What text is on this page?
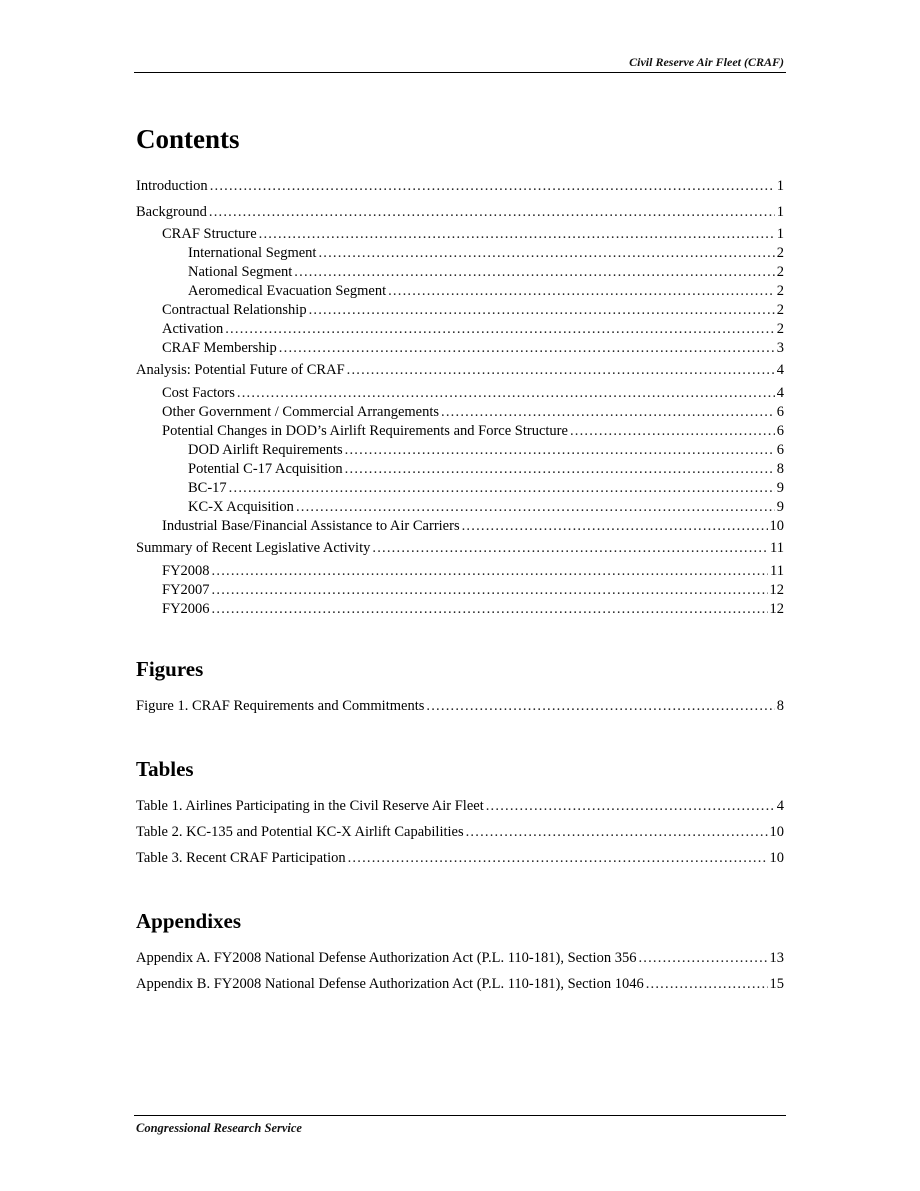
Civil Reserve Air Fleet (CRAF)
Contents
Introduction .....	1
Background .....	1
CRAF Structure .....	1
International Segment .....	2
National Segment .....	2
Aeromedical Evacuation Segment .....	2
Contractual Relationship .....	2
Activation .....	2
CRAF Membership .....	3
Analysis: Potential Future of CRAF .....	4
Cost Factors .....	4
Other Government / Commercial Arrangements .....	6
Potential Changes in DOD’s Airlift Requirements and Force Structure .....	6
DOD Airlift Requirements .....	6
Potential C-17 Acquisition .....	8
BC-17 .....	9
KC-X Acquisition .....	9
Industrial Base/Financial Assistance to Air Carriers .....	10
Summary of Recent Legislative Activity .....	11
FY2008 .....	11
FY2007 .....	12
FY2006 .....	12
Figures
Figure 1. CRAF Requirements and Commitments .....	8
Tables
Table 1. Airlines Participating in the Civil Reserve Air Fleet .....	4
Table 2. KC-135 and Potential KC-X Airlift Capabilities .....	10
Table 3. Recent CRAF Participation .....	10
Appendixes
Appendix A. FY2008 National Defense Authorization Act (P.L. 110-181), Section 356 .....	13
Appendix B. FY2008 National Defense Authorization Act (P.L. 110-181), Section 1046 .....	15
Congressional Research Service
